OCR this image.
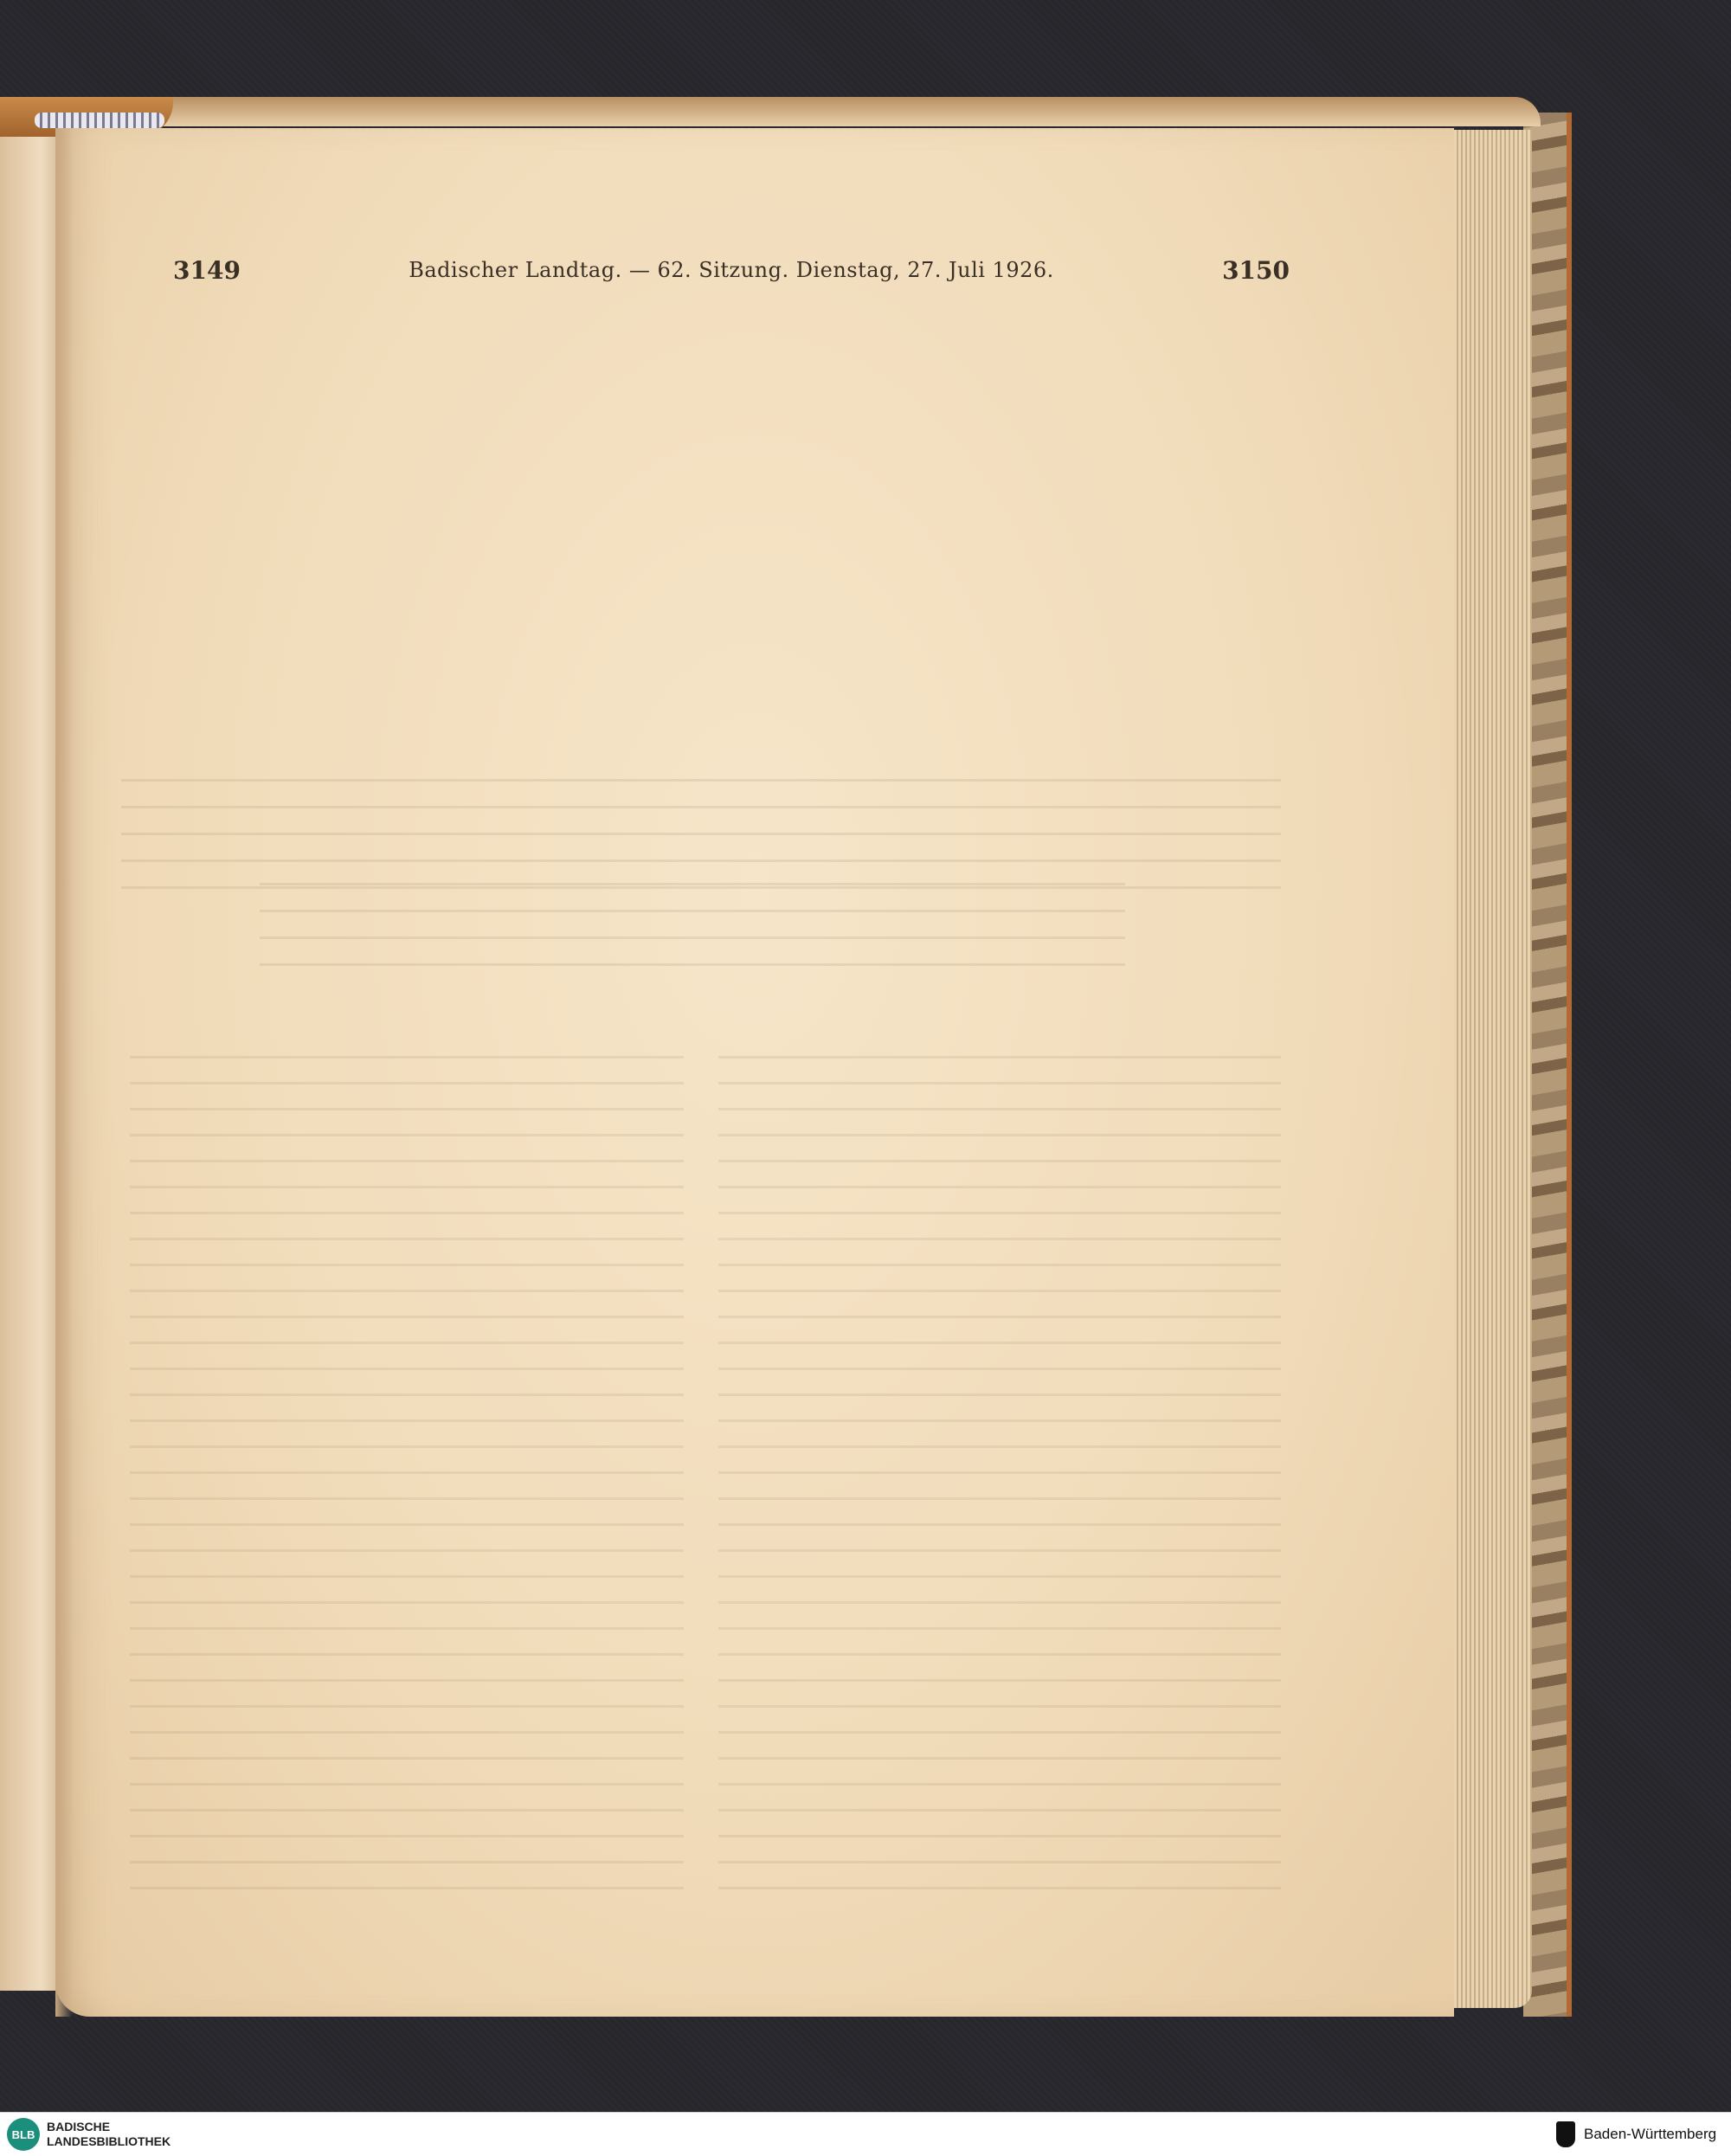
3149	Badischer Landtag. — 62. Sitzung. Dienstag, 27. Juli 1926.	3150
BLB
BADISCHE
LANDESBIBLIOTHEK	Baden-Württemberg
